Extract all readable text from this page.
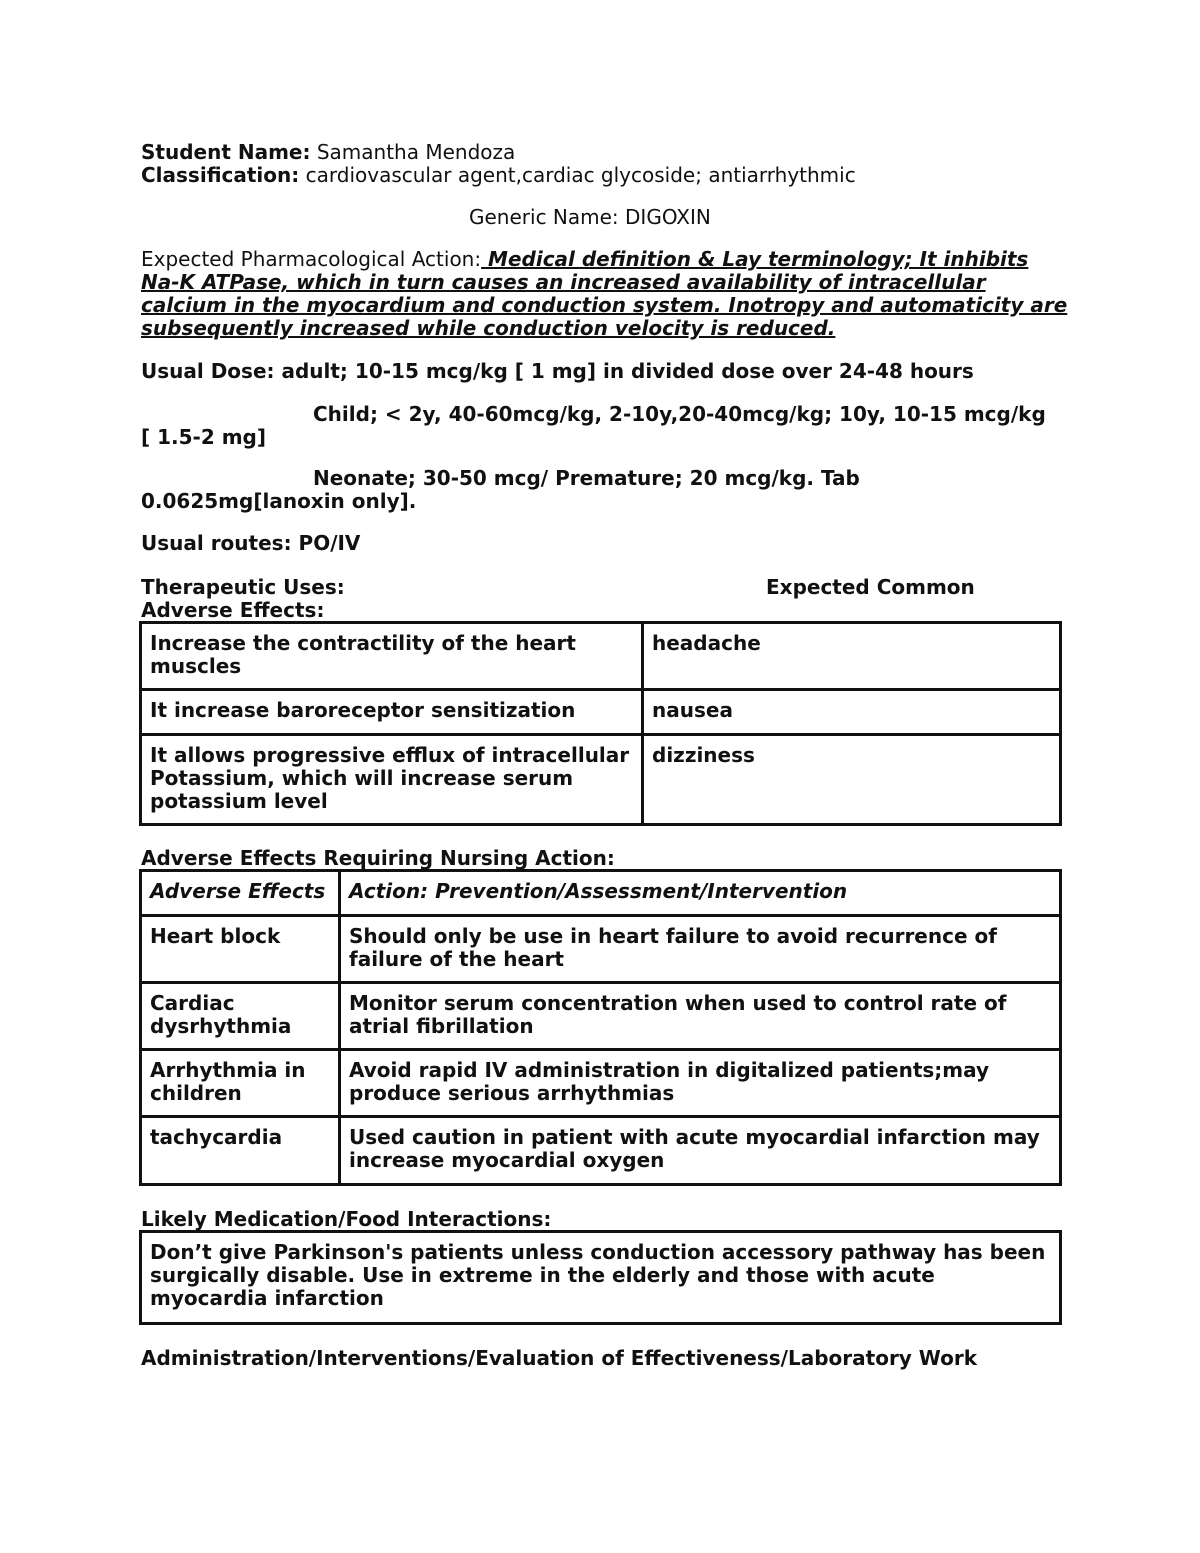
Student Name: Samantha Mendoza
Classification: cardiovascular agent,cardiac glycoside; antiarrhythmic
Generic Name: DIGOXIN
Expected Pharmacological Action: Medical definition & Lay terminology; It inhibits
Na-K ATPase, which in turn causes an increased availability of intracellular
calcium in the myocardium and conduction system. Inotropy and automaticity are
subsequently increased while conduction velocity is reduced.
Usual Dose: adult; 10-15 mcg/kg [ 1 mg] in divided dose over 24-48 hours
Child; < 2y, 40-60mcg/kg, 2-10y,20-40mcg/kg; 10y, 10-15 mcg/kg
[ 1.5-2 mg]
Neonate; 30-50 mcg/ Premature; 20 mcg/kg. Tab
0.0625mg[lanoxin only].
Usual routes: PO/IV
Therapeutic Uses:	Expected Common
Adverse Effects:
Increase the contractility of the heart muscles	headache
It increase baroreceptor sensitization	nausea
It allows progressive efflux of intracellular Potassium, which will increase serum potassium level	dizziness
Adverse Effects Requiring Nursing Action:
Adverse Effects	Action: Prevention/Assessment/Intervention
Heart block	Should only be use in heart failure to avoid recurrence of failure of the heart
Cardiac dysrhythmia	Monitor serum concentration when used to control rate of atrial fibrillation
Arrhythmia in children	Avoid rapid IV administration in digitalized patients;may produce serious arrhythmias
tachycardia	Used caution in patient with acute myocardial infarction may increase myocardial oxygen
Likely Medication/Food Interactions:
Don’t give Parkinson's patients unless conduction accessory pathway has been surgically disable. Use in extreme in the elderly and those with acute myocardia infarction
Administration/Interventions/Evaluation of Effectiveness/Laboratory Work
